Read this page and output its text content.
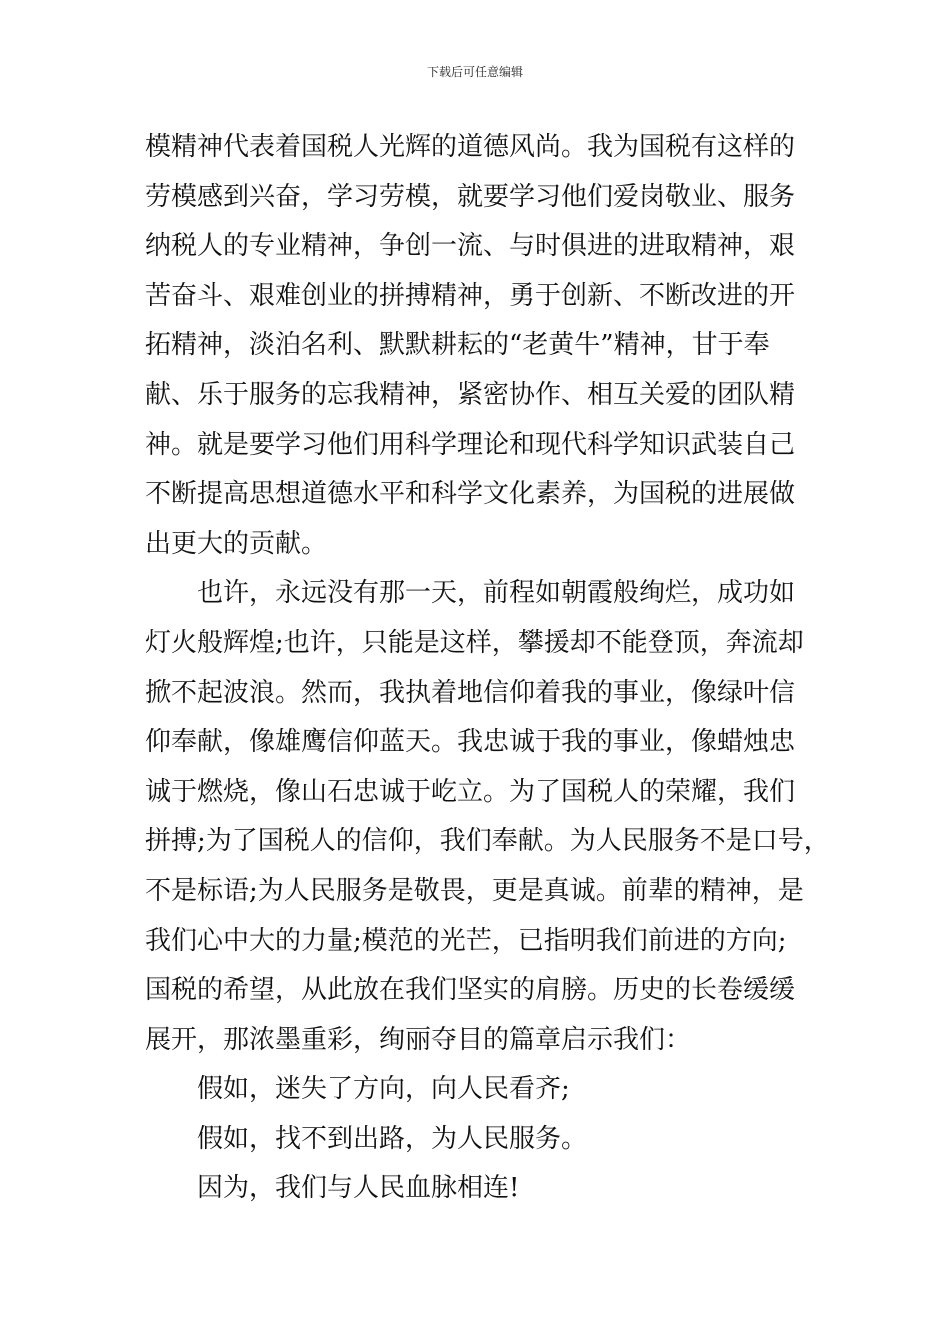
下载后可任意编辑
模精神代表着国税人光辉的道德风尚。我为国税有这样的
劳模感到兴奋，学习劳模，就要学习他们爱岗敬业、服务
纳税人的专业精神，争创一流、与时俱进的进取精神，艰
苦奋斗、艰难创业的拼搏精神，勇于创新、不断改进的开
拓精神，淡泊名利、默默耕耘的“老黄牛”精神，甘于奉
献、乐于服务的忘我精神，紧密协作、相互关爱的团队精
神。就是要学习他们用科学理论和现代科学知识武装自己
不断提高思想道德水平和科学文化素养，为国税的进展做
出更大的贡献。
也许，永远没有那一天，前程如朝霞般绚烂，成功如
灯火般辉煌;也许，只能是这样，攀援却不能登顶，奔流却
掀不起波浪。然而，我执着地信仰着我的事业，像绿叶信
仰奉献，像雄鹰信仰蓝天。我忠诚于我的事业，像蜡烛忠
诚于燃烧，像山石忠诚于屹立。为了国税人的荣耀，我们
拼搏;为了国税人的信仰，我们奉献。为人民服务不是口号，
不是标语;为人民服务是敬畏，更是真诚。前辈的精神，是
我们心中大的力量;模范的光芒，已指明我们前进的方向;
国税的希望，从此放在我们坚实的肩膀。历史的长卷缓缓
展开，那浓墨重彩，绚丽夺目的篇章启示我们：
假如，迷失了方向，向人民看齐;
假如，找不到出路，为人民服务。
因为，我们与人民血脉相连!
